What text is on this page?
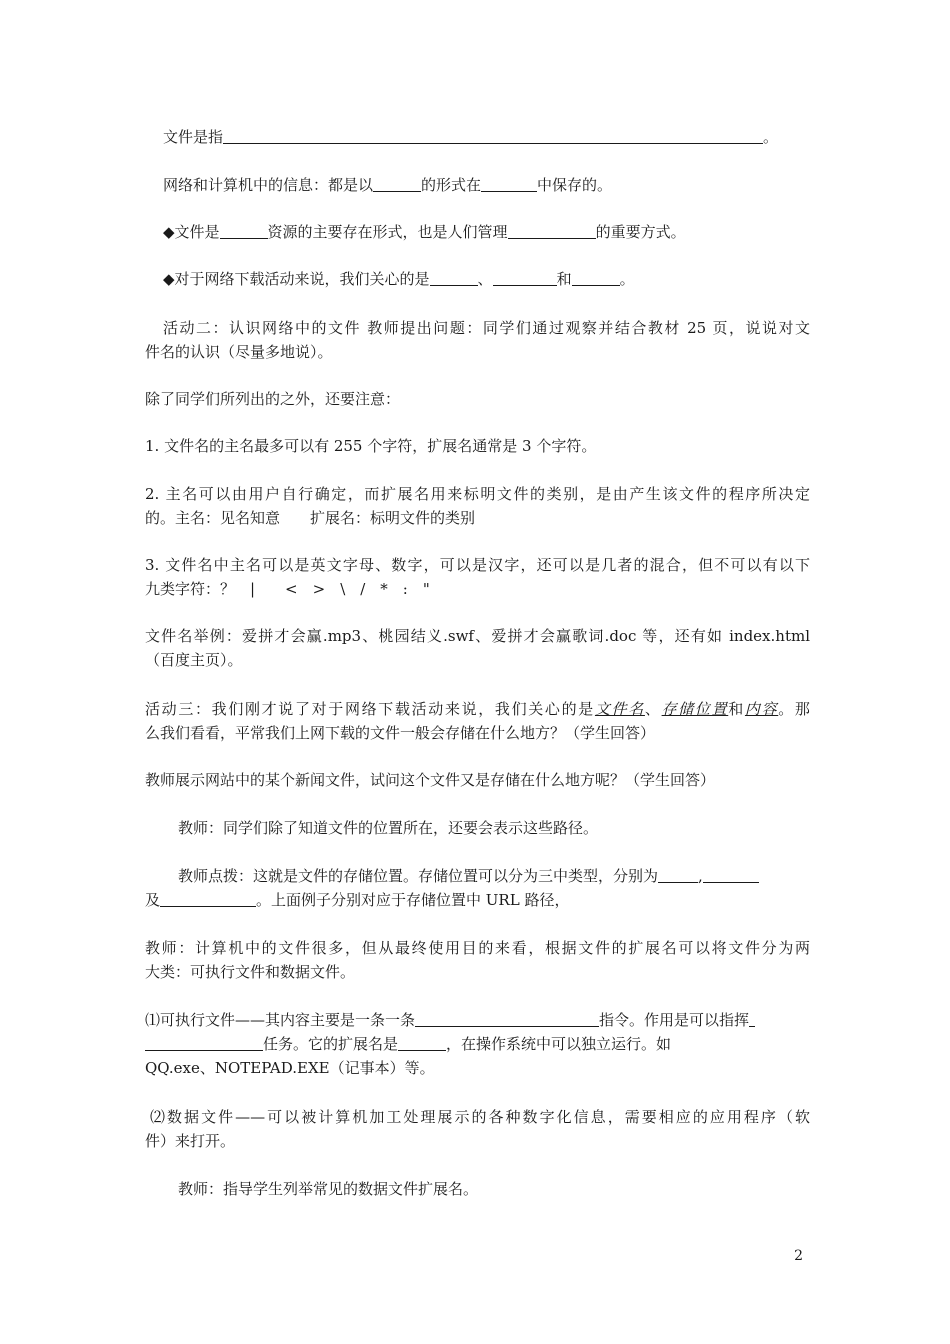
文件是指	。
网络和计算机中的信息：都是以	的形式在	中保存的。
◆文件是	资源的主要存在形式，也是人们管理	的重要方式。
◆对于网络下载活动来说，我们关心的是	、	和	。
活动二：认识网络中的文件 教师提出问题：同学们通过观察并结合教材 25 页，说说对文
件名的认识（尽量多地说）。
除了同学们所列出的之外，还要注意：
1. 文件名的主名最多可以有 255 个字符，扩展名通常是 3 个字符。
2. 主名可以由用户自行确定，而扩展名用来标明文件的类别，是由产生该文件的程序所决定
的。主名：见名知意　　扩展名：标明文件的类别
3. 文件名中主名可以是英文字母、数字，可以是汉字，还可以是几者的混合，但不可以有以下
九类字符：？　|　　<　>　\　/　*　:　"
文件名举例：爱拼才会赢.mp3、桃园结义.swf、爱拼才会赢歌词.doc 等，还有如 index.html
（百度主页）。
活动三：我们刚才说了对于网络下载活动来说，我们关心的是文件名、存储位置和内容。那
么我们看看，平常我们上网下载的文件一般会存储在什么地方？（学生回答）
教师展示网站中的某个新闻文件，试问这个文件又是存储在什么地方呢？（学生回答）
教师：同学们除了知道文件的位置所在，还要会表示这些路径。
教师点拨：这就是文件的存储位置。存储位置可以分为三中类型，分别为	,
及	。上面例子分别对应于存储位置中 URL 路径，
教师：计算机中的文件很多，但从最终使用目的来看，根据文件的扩展名可以将文件分为两
大类：可执行文件和数据文件。
⑴可执行文件——其内容主要是一条一条	指令。作用是可以指挥
任务。它的扩展名是	，在操作系统中可以独立运行。如
QQ.exe、NOTEPAD.EXE（记事本）等。
⑵数据文件——可以被计算机加工处理展示的各种数字化信息，需要相应的应用程序（软
件）来打开。
教师：指导学生列举常见的数据文件扩展名。
2
